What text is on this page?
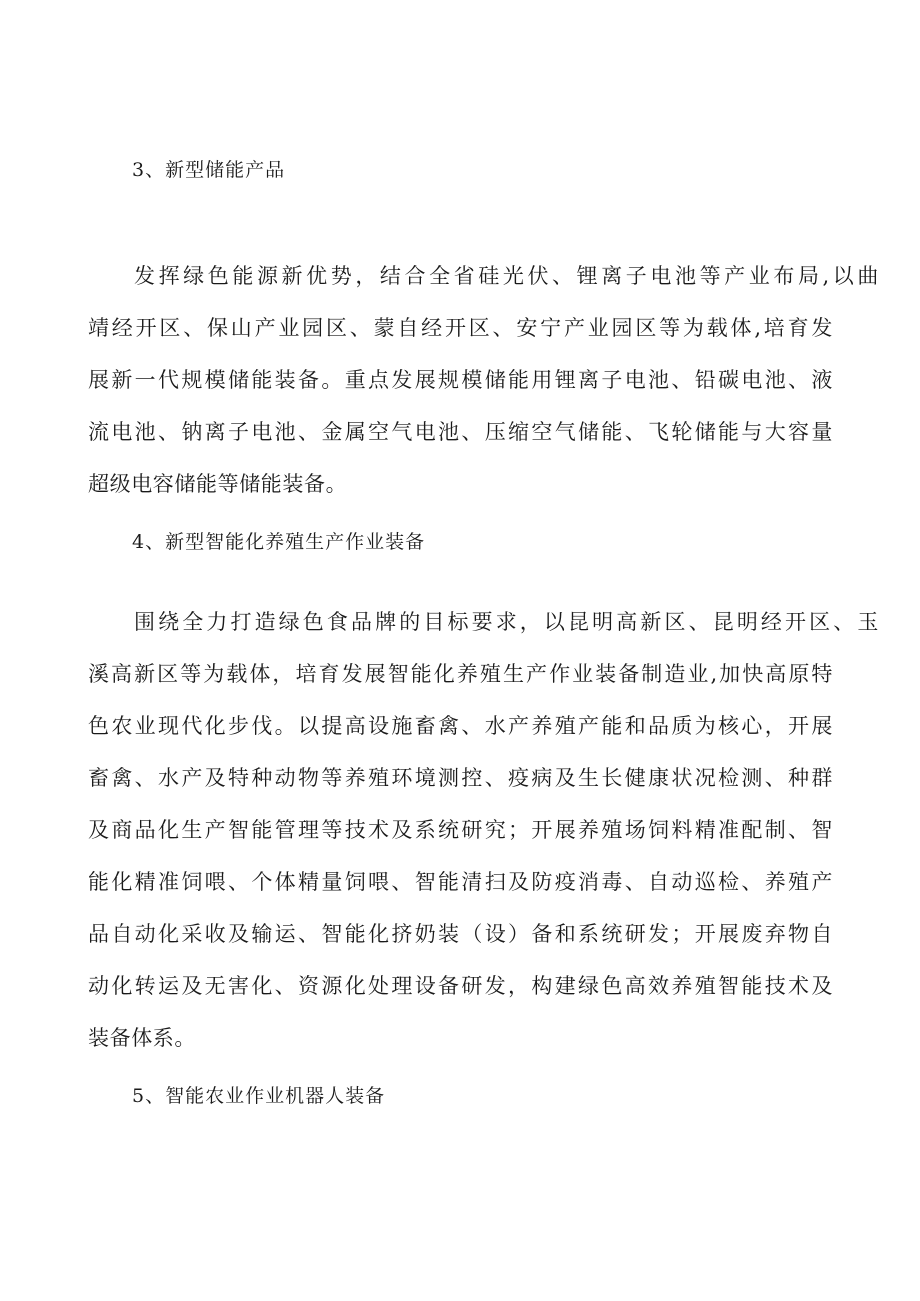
3、新型储能产品
发挥绿色能源新优势，结合全省硅光伏、锂离子电池等产业布局,以曲
靖经开区、保山产业园区、蒙自经开区、安宁产业园区等为载体,培育发
展新一代规模储能装备。重点发展规模储能用锂离子电池、铅碳电池、液
流电池、钠离子电池、金属空气电池、压缩空气储能、飞轮储能与大容量
超级电容储能等储能装备。
4、新型智能化养殖生产作业装备
围绕全力打造绿色食品牌的目标要求，以昆明高新区、昆明经开区、玉
溪高新区等为载体，培育发展智能化养殖生产作业装备制造业,加快高原特
色农业现代化步伐。以提高设施畜禽、水产养殖产能和品质为核心，开展
畜禽、水产及特种动物等养殖环境测控、疫病及生长健康状况检测、种群
及商品化生产智能管理等技术及系统研究；开展养殖场饲料精准配制、智
能化精准饲喂、个体精量饲喂、智能清扫及防疫消毒、自动巡检、养殖产
品自动化采收及输运、智能化挤奶装（设）备和系统研发；开展废弃物自
动化转运及无害化、资源化处理设备研发，构建绿色高效养殖智能技术及
装备体系。
5、智能农业作业机器人装备
